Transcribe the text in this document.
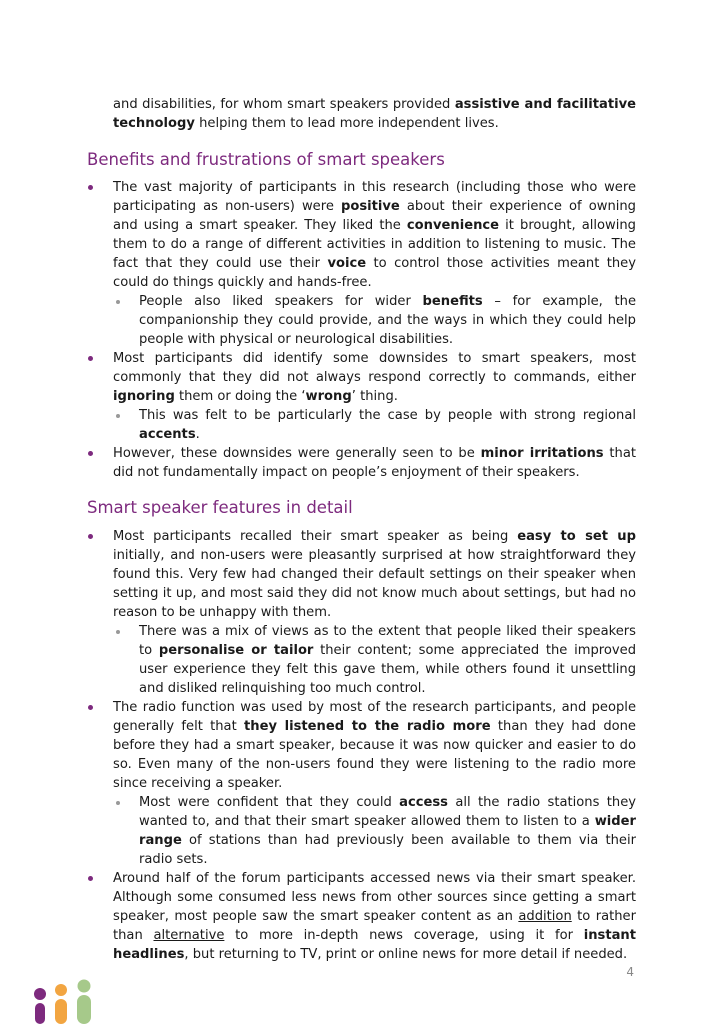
and disabilities, for whom smart speakers provided assistive and facilitative technology helping them to lead more independent lives.

Benefits and frustrations of smart speakers
The vast majority of participants in this research (including those who were participating as non-users) were positive about their experience of owning and using a smart speaker. They liked the convenience it brought, allowing them to do a range of different activities in addition to listening to music. The fact that they could use their voice to control those activities meant they could do things quickly and hands-free.
People also liked speakers for wider benefits – for example, the companionship they could provide, and the ways in which they could help people with physical or neurological disabilities.
Most participants did identify some downsides to smart speakers, most commonly that they did not always respond correctly to commands, either ignoring them or doing the ‘wrong’ thing.
This was felt to be particularly the case by people with strong regional accents.
However, these downsides were generally seen to be minor irritations that did not fundamentally impact on people’s enjoyment of their speakers.
Smart speaker features in detail
Most participants recalled their smart speaker as being easy to set up initially, and non-users were pleasantly surprised at how straightforward they found this. Very few had changed their default settings on their speaker when setting it up, and most said they did not know much about settings, but had no reason to be unhappy with them.
There was a mix of views as to the extent that people liked their speakers to personalise or tailor their content; some appreciated the improved user experience they felt this gave them, while others found it unsettling and disliked relinquishing too much control.
The radio function was used by most of the research participants, and people generally felt that they listened to the radio more than they had done before they had a smart speaker, because it was now quicker and easier to do so. Even many of the non-users found they were listening to the radio more since receiving a speaker.
Most were confident that they could access all the radio stations they wanted to, and that their smart speaker allowed them to listen to a wider range of stations than had previously been available to them via their radio sets.
Around half of the forum participants accessed news via their smart speaker. Although some consumed less news from other sources since getting a smart speaker, most people saw the smart speaker content as an addition to rather than alternative to more in-depth news coverage, using it for instant headlines, but returning to TV, print or online news for more detail if needed.
4
